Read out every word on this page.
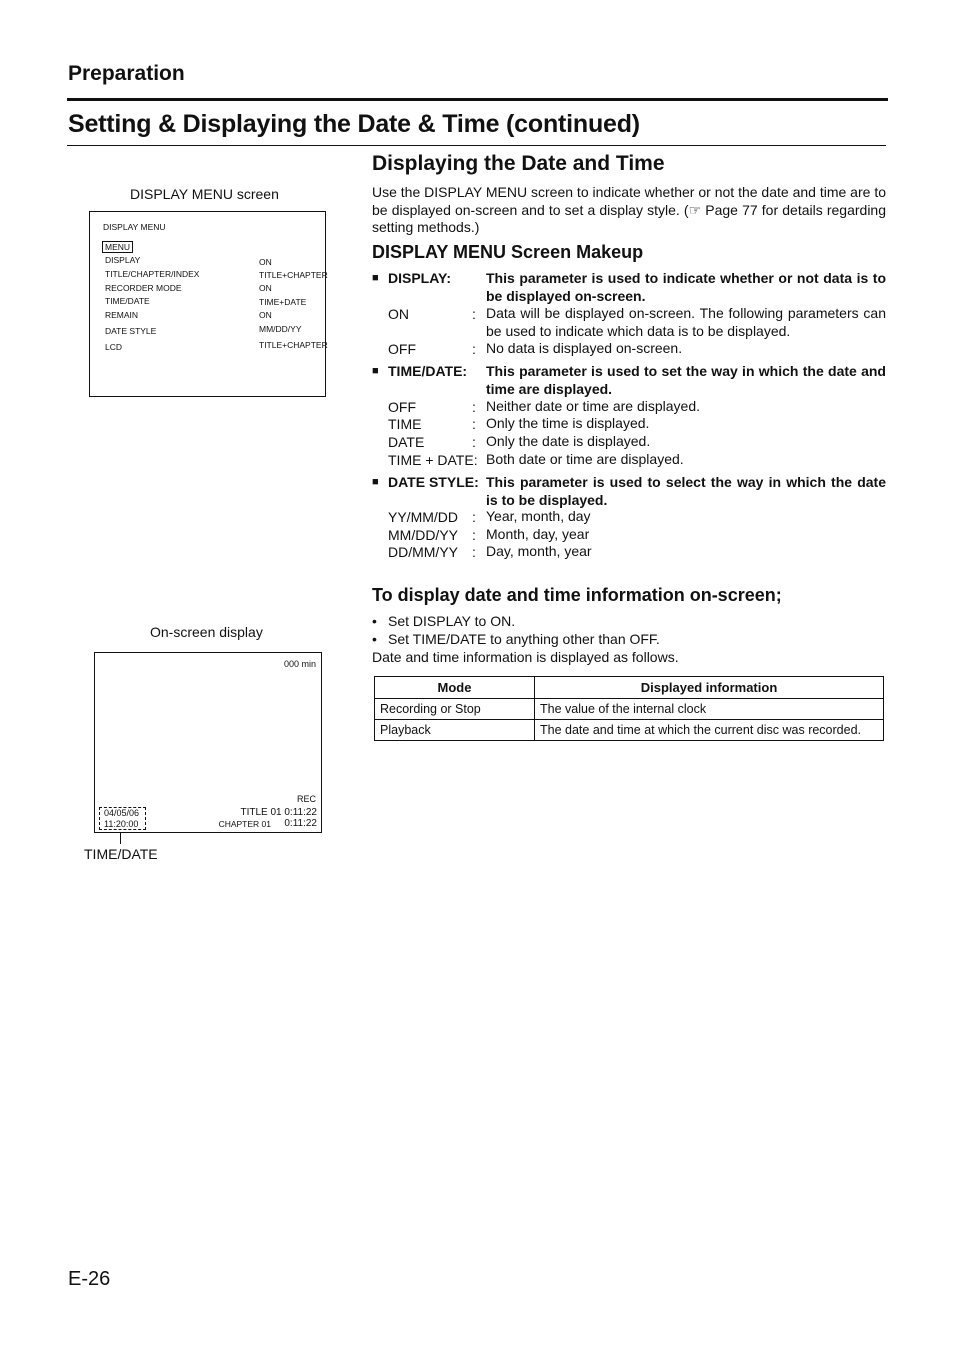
Preparation
Setting & Displaying the Date & Time (continued)
DISPLAY MENU screen
DISPLAY MENU
MENU
DISPLAY	ON
TITLE/CHAPTER/INDEX	TITLE+CHAPTER
RECORDER MODE	ON
TIME/DATE	TIME+DATE
REMAIN	ON
DATE STYLE	MM/DD/YY
LCD	TITLE+CHAPTER
On-screen display
000 min
REC
04/05/06
11:20:00
TITLE 01 0:11:22
CHAPTER 01 0:11:22
TIME/DATE
Displaying the Date and Time
Use the DISPLAY MENU screen to indicate whether or not the date and time are to be displayed on-screen and to set a display style. (☞ Page 77 for details regarding setting methods.)
DISPLAY MENU Screen Makeup
■ DISPLAY: This parameter is used to indicate whether or not data is to be displayed on-screen.
ON	: Data will be displayed on-screen. The following parameters can be used to indicate which data is to be displayed.
OFF	: No data is displayed on-screen.
■ TIME/DATE: This parameter is used to set the way in which the date and time are displayed.
OFF	: Neither date or time are displayed.
TIME	: Only the time is displayed.
DATE	: Only the date is displayed.
TIME + DATE: Both date or time are displayed.
■ DATE STYLE: This parameter is used to select the way in which the date is to be displayed.
YY/MM/DD : Year, month, day
MM/DD/YY : Month, day, year
DD/MM/YY : Day, month, year
To display date and time information on-screen;
• Set DISPLAY to ON.
• Set TIME/DATE to anything other than OFF.
Date and time information is displayed as follows.
Mode	Displayed information
Recording or Stop	The value of the internal clock
Playback	The date and time at which the current disc was recorded.
E-26
